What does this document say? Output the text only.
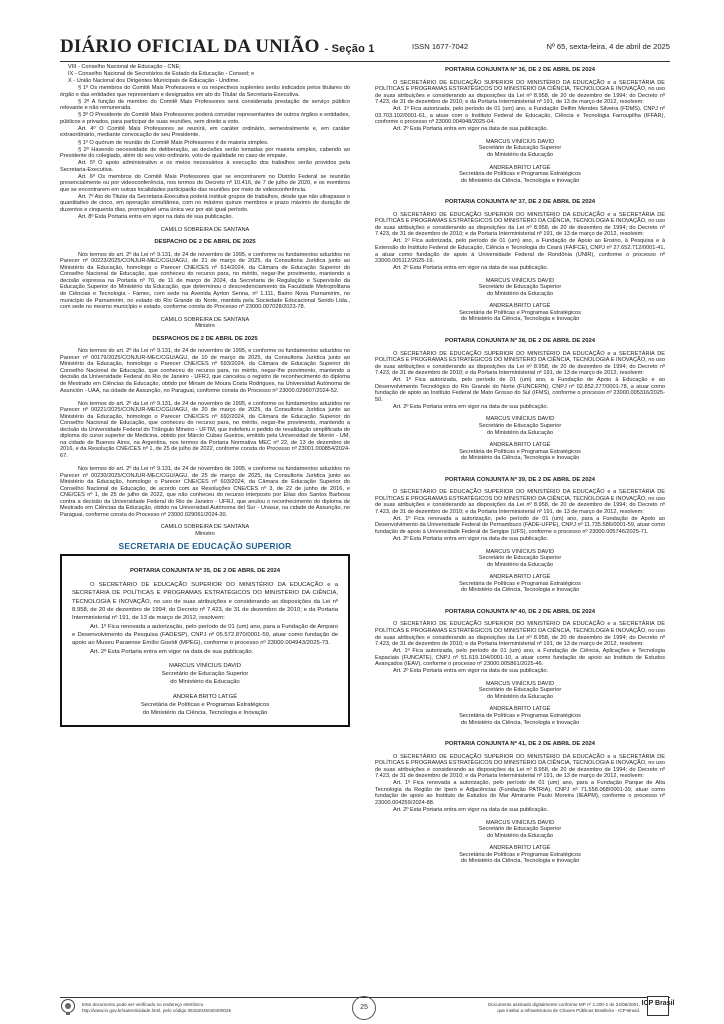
DIÁRIO OFICIAL DA UNIÃO - Seção 1	ISSN 1677-7042	Nº 65, sexta-feira, 4 de abril de 2025

VIII - Conselho Nacional de Educação - CNE;

IX - Conselho Nacional de Secretários de Estado da Educação - Consed; e

X - União Nacional dos Dirigentes Municipais de Educação - Undime.

§ 1º Os membros do Comitê Mais Professores e os respectivos suplentes serão indicados pelos titulares do órgão e das entidades que representam e designados em ato do Titular da Secretaria-Executiva.

§ 2º A função de membro do Comitê Mais Professores será considerada prestação de serviço público relevante e não remunerada.

§ 3º O Presidente do Comitê Mais Professores poderá convidar representantes de outros órgãos e entidades, públicos e privados, para participar de suas reuniões, sem direito a voto.

Art. 4º O Comitê Mais Professores se reunirá, em caráter ordinário, semestralmente e, em caráter extraordinário, mediante convocação de seu Presidente.

§ 1º O quórum de reunião do Comitê Mais Professores é de maioria simples.

§ 2º Havendo necessidade de deliberação, as decisões serão tomadas por maioria simples, cabendo ao Presidente do colegiado, além do seu voto ordinário, voto de qualidade no caso de empate.

Art. 5º O apoio administrativo e os meios necessários à execução dos trabalhos serão providos pela Secretaria-Executiva.

Art. 6º Os membros do Comitê Mais Professores que se encontrarem no Distrito Federal se reunirão presencialmente ou por videoconferência, nos termos do Decreto nº 10.416, de 7 de julho de 2020, e os membros que se encontrarem em outras localidades participarão das reuniões por meio de videoconferência.

Art. 7º Ato do Titular da Secretaria-Executiva poderá instituir grupos de trabalhos, desde que não ultrapasse o quantitativo de cinco, em operação simultânea, com no máximo quinze membros e prazo máximo de duração de duzentos e cinquenta dias, prorrogável uma única vez por até igual período.

Art. 8º Esta Portaria entra em vigor na data de sua publicação.

CAMILO SOBREIRA DE SANTANA
DESPACHO DE 2 DE ABRIL DE 2025

Nos termos do art. 2º da Lei nº 9.131, de 24 de novembro de 1995, e conforme os fundamentos aduzidos no Parecer nº 00223/2025/CONJUR-MEC/CGU/AGU, de 21 de março de 2025, da Consultoria Jurídica junto ao Ministério da Educação, homologo o Parecer CNE/CES nº 614/2024, da Câmara de Educação Superior do Conselho Nacional de Educação, que conheceu do recurso para, no mérito, negar-lhe provimento, mantendo a decisão expressa na Portaria nº 70, de 11 de março de 2024, da Secretaria de Regulação e Supervisão da Educação Superior do Ministério da Educação, que determinou o descredenciamento da Faculdade Metropolitana de Ciências e Tecnologia - Famec, com sede na Avenida Ayrton Senna, nº 1.111, Bairro Nova Parnamirim, no município de Parnamirim, no estado do Rio Grande do Norte, mantida pela Sociedade Educacional Serido Ltda., com sede no mesmo município e estado, conforme consta do Processo nº 23000.007028/2023-78.

CAMILO SOBREIRA DE SANTANA
Ministro
DESPACHOS DE 2 DE ABRIL DE 2025

Nos termos do art. 2º da Lei nº 9.131, de 24 de novembro de 1995, e conforme os fundamentos aduzidos no Parecer nº 00179/2025/CONJUR-MEC/CGU/AGU, de 10 de março de 2025, da Consultoria Jurídica junto ao Ministério da Educação, homologo o Parecer CNE/CES nº 693/2024, da Câmara de Educação Superior do Conselho Nacional de Educação, que conheceu do recurso para, no mérito, negar-lhe provimento, mantendo a decisão da Universidade Federal do Rio de Janeiro - UFRJ, que cancelou o registro de reconhecimento do diploma de Mestrado em Ciências da Educação, obtido por Miriam de Moura Costa Rodrigues, na Universidad Autónoma de Asunción - UAA, na cidade de Assunção, no Paraguai, conforme consta do Processo nº 23000.029607/2024-52.

Nos termos do art. 2º da Lei nº 9.131, de 24 de novembro de 1995, e conforme os fundamentos aduzidos no Parecer nº 00221/2025/CONJUR-MEC/CGU/AGU, de 20 de março de 2025, da Consultoria Jurídica junto ao Ministério da Educação, homologo o Parecer CNE/CES nº 692/2024, da Câmara de Educação Superior do Conselho Nacional de Educação, que conheceu do recurso para, no mérito, negar-lhe provimento, mantendo a decisão da Universidade Federal do Triângulo Mineiro - UFTM, que indeferiu o pedido de revalidação simplificada do diploma do curso superior de Medicina, obtido por Márcio Cubas Gueiros, emitido pela Universidad de Morón - UM, na cidade de Buenos Aires, na Argentina, nos termos da Portaria Normativa MEC nº 22, de 13 de dezembro de 2016, e da Resolução CNE/CES nº 1, de 25 de julho de 2022, conforme consta do Processo nº 23001.000854/2024-67.

Nos termos do art. 2º da Lei nº 9.131, de 24 de novembro de 1995, e conforme os fundamentos aduzidos no Parecer nº 00230/2025/CONJUR-MEC/CGU/AGU, de 25 de março de 2025, da Consultoria Jurídica junto ao Ministério da Educação, homologo o Parecer CNE/CES nº 603/2024, da Câmara de Educação Superior do Conselho Nacional de Educação, de acordo com as Resoluções CNE/CES nº 3, de 22 de junho de 2016, e CNE/CES nº 1, de 25 de julho de 2022, que não conheceu do recurso interposto por Elias dos Santos Barbosa contra a decisão da Universidade Federal do Rio de Janeiro - UFRJ, que anulou o reconhecimento do diploma de Mestrado em Ciências da Educação, obtido na Universidad Autónoma del Sur - Unasur, na cidade de Assunção, no Paraguai, conforme consta do Processo nº 23000.029061/2024-30.

CAMILO SOBREIRA DE SANTANA
Ministro
SECRETARIA DE EDUCAÇÃO SUPERIOR
PORTARIA CONJUNTA Nº 35, DE 2 DE ABRIL DE 2024

O SECRETÁRIO DE EDUCAÇÃO SUPERIOR DO MINISTÉRIO DA EDUCAÇÃO e a SECRETÁRIA DE POLÍTICAS E PROGRAMAS ESTRATÉGICOS DO MINISTÉRIO DA CIÊNCIA, TECNOLOGIA E INOVAÇÃO, no uso de suas atribuições e considerando as disposições da Lei nº 8.958, de 20 de dezembro de 1994; do Decreto nº 7.423, de 31 de dezembro de 2010; e da Portaria Interministerial nº 191, de 13 de março de 2012, resolvem:

Art. 1º Fica renovada a autorização, pelo período de 01 (um) ano, para a Fundação de Amparo e Desenvolvimento da Pesquisa (FADESP), CNPJ nº 05.572.870/0001-59, atuar como fundação de apoio ao Museu Paraense Emílio Goeldi (MPEG), conforme o processo nº 23000.004943/2025-73.

Art. 2º Esta Portaria entra em vigor na data de sua publicação.

MARCUS VINÍCIUS DAVID
Secretário de Educação Superior
do Ministério da Educação
ANDREA BRITO LATGÉ
Secretária de Políticas e Programas Estratégicos
do Ministério da Ciência, Tecnologia e Inovação
PORTARIA CONJUNTA Nº 36, DE 2 DE ABRIL DE 2024

O SECRETÁRIO DE EDUCAÇÃO SUPERIOR DO MINISTÉRIO DA EDUCAÇÃO e a SECRETÁRIA DE POLÍTICAS E PROGRAMAS ESTRATÉGICOS DO MINISTÉRIO DA CIÊNCIA, TECNOLOGIA E INOVAÇÃO, no uso de suas atribuições e considerando as disposições da Lei nº 8.958, de 20 de dezembro de 1994; do Decreto nº 7.423, de 31 de dezembro de 2010; e da Portaria Interministerial nº 191, de 13 de março de 2012, resolvem:

Art. 1º Fica autorizada, pelo período de 01 (um) ano, a Fundação Delfim Mendes Silveira (FDMS), CNPJ nº 03.703.102/0001-61, a atuar com o Instituto Federal de Educação, Ciência e Tecnologia Farroupilha (IFFAR), conforme o processo nº 23000.004948/2025-04.

Art. 2º Esta Portaria entra em vigor na data de sua publicação.

MARCUS VINÍCIUS DAVID
Secretário de Educação Superior
do Ministério da Educação
ANDREA BRITO LATGÉ
Secretária de Políticas e Programas Estratégicos
do Ministério da Ciência, Tecnologia e Inovação
PORTARIA CONJUNTA Nº 37, DE 2 DE ABRIL DE 2024

O SECRETÁRIO DE EDUCAÇÃO SUPERIOR DO MINISTÉRIO DA EDUCAÇÃO e a SECRETÁRIA DE POLÍTICAS E PROGRAMAS ESTRATÉGICOS DO MINISTÉRIO DA CIÊNCIA, TECNOLOGIA E INOVAÇÃO, no uso de suas atribuições e considerando as disposições da Lei nº 8.958, de 20 de dezembro de 1994; do Decreto nº 7.423, de 31 de dezembro de 2010; e da Portaria Interministerial nº 191, de 13 de março de 2012, resolvem:

Art. 1º Fica autorizada, pelo período de 01 (um) ano, a Fundação de Apoio ao Ensino, à Pesquisa e à Extensão do Instituto Federal de Educação, Ciência e Tecnologia do Ceará (FAIFCE), CNPJ nº 27.652.712/0001-41, a atuar como fundação de apoio à Universidade Federal de Rondônia (UNIR), conforme o processo nº 23000.005112/2025-19.

Art. 2º Esta Portaria entra em vigor na data de sua publicação.

MARCUS VINÍCIUS DAVID
Secretário de Educação Superior
do Ministério da Educação
ANDREA BRITO LATGÉ
Secretária de Políticas e Programas Estratégicos
do Ministério da Ciência, Tecnologia e Inovação
PORTARIA CONJUNTA Nº 38, DE 2 DE ABRIL DE 2024

O SECRETÁRIO DE EDUCAÇÃO SUPERIOR DO MINISTÉRIO DA EDUCAÇÃO e a SECRETÁRIA DE POLÍTICAS E PROGRAMAS ESTRATÉGICOS DO MINISTÉRIO DA CIÊNCIA, TECNOLOGIA E INOVAÇÃO, no uso de suas atribuições e considerando as disposições da Lei nº 8.958, de 20 de dezembro de 1994; do Decreto nº 7.423, de 31 de dezembro de 2010; e da Portaria Interministerial nº 191, de 13 de março de 2012, resolvem:

Art. 1º Fica autorizada, pelo período de 01 (um) ano, a Fundação de Apoio à Educação e ao Desenvolvimento Tecnológico do Rio Grande do Norte (FUNCERN), CNPJ nº 02.852.277/0001-78, a atuar como fundação de apoio ao Instituto Federal de Mato Grosso do Sul (IFMS), conforme o processo nº 23000.005316/2025-50.

Art. 2º Esta Portaria entra em vigor na data de sua publicação.

MARCUS VINÍCIUS DAVID
Secretário de Educação Superior
do Ministério da Educação
ANDREA BRITO LATGÉ
Secretária de Políticas e Programas Estratégicos
do Ministério da Ciência, Tecnologia e Inovação
PORTARIA CONJUNTA Nº 39, DE 2 DE ABRIL DE 2024

O SECRETÁRIO DE EDUCAÇÃO SUPERIOR DO MINISTÉRIO DA EDUCAÇÃO e a SECRETÁRIA DE POLÍTICAS E PROGRAMAS ESTRATÉGICOS DO MINISTÉRIO DA CIÊNCIA, TECNOLOGIA E INOVAÇÃO, no uso de suas atribuições e considerando as disposições da Lei nº 8.958, de 20 de dezembro de 1994; do Decreto nº 7.423, de 31 de dezembro de 2010; e da Portaria Interministerial nº 191, de 13 de março de 2012, resolvem:

Art. 1º Fica renovada a autorização, pelo período de 01 (um) ano, para a Fundação de Apoio ao Desenvolvimento da Universidade Federal de Pernambuco (FADE-UFPE), CNPJ nº 11.735.586/0001-59, atuar como fundação de apoio à Universidade Federal de Sergipe (UFS), conforme o processo nº 23000.005746/2025-71.

Art. 2º Esta Portaria entra em vigor na data de sua publicação.

MARCUS VINÍCIUS DAVID
Secretário de Educação Superior
do Ministério da Educação
ANDREA BRITO LATGÉ
Secretária de Políticas e Programas Estratégicos
do Ministério da Ciência, Tecnologia e Inovação
PORTARIA CONJUNTA Nº 40, DE 2 DE ABRIL DE 2024

O SECRETÁRIO DE EDUCAÇÃO SUPERIOR DO MINISTÉRIO DA EDUCAÇÃO e a SECRETÁRIA DE POLÍTICAS E PROGRAMAS ESTRATÉGICOS DO MINISTÉRIO DA CIÊNCIA, TECNOLOGIA E INOVAÇÃO, no uso de suas atribuições e considerando as disposições da Lei nº 8.958, de 20 de dezembro de 1994; do Decreto nº 7.423, de 31 de dezembro de 2010; e da Portaria Interministerial nº 191, de 13 de março de 2012, resolvem:

Art. 1º Fica autorizada, pelo período de 01 (um) ano, a Fundação de Ciência, Aplicações e Tecnologia Espaciais (FUNCATE), CNPJ nº 51.619.104/0001-10, a atuar como fundação de apoio ao Instituto de Estudos Avançados (IEAV), conforme o processo nº 23000.005861/2025-46.

Art. 2º Esta Portaria entra em vigor na data de sua publicação.

MARCUS VINÍCIUS DAVID
Secretário de Educação Superior
do Ministério da Educação
ANDREA BRITO LATGÉ
Secretária de Políticas e Programas Estratégicos
do Ministério da Ciência, Tecnologia e Inovação
PORTARIA CONJUNTA Nº 41, DE 2 DE ABRIL DE 2024

O SECRETÁRIO DE EDUCAÇÃO SUPERIOR DO MINISTÉRIO DA EDUCAÇÃO e a SECRETÁRIA DE POLÍTICAS E PROGRAMAS ESTRATÉGICOS DO MINISTÉRIO DA CIÊNCIA, TECNOLOGIA E INOVAÇÃO, no uso de suas atribuições e considerando as disposições da Lei nº 8.958, de 20 de dezembro de 1994; do Decreto nº 7.423, de 31 de dezembro de 2010; e da Portaria Interministerial nº 191, de 13 de março de 2012, resolvem:

Art. 1º Fica renovada a autorização, pelo período de 01 (um) ano, para a Fundação Parque de Alta Tecnologia da Região de Iperó e Adjacências (Fundação PATRIA), CNPJ nº 71.558.068/0001-39, atuar como fundação de apoio ao Instituto de Estudos do Mar Almirante Paulo Moreira (IEAPM), conforme o processo nº 23000.004259/2024-88.

Art. 2º Esta Portaria entra em vigor na data de sua publicação.

MARCUS VINÍCIUS DAVID
Secretário de Educação Superior
do Ministério da Educação
ANDREA BRITO LATGÉ
Secretária de Políticas e Programas Estratégicos
do Ministério da Ciência, Tecnologia e Inovação
Este documento pode ser verificado no endereço eletrônico
http://www.in.gov.br/autenticidade.html, pelo código 05152025040400025	25	Documento assinado digitalmente conforme MP nº 2.200-2 de 24/08/2001,
que institui a Infraestrutura de Chaves Públicas Brasileira - ICP-Brasil.
ICP Brasil
